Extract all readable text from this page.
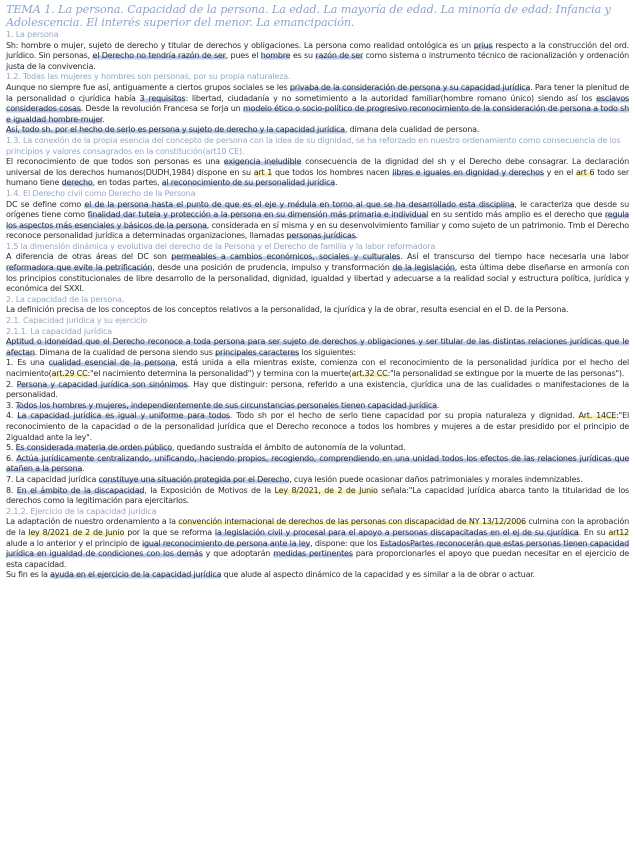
TEMA 1. La persona. Capacidad de la persona. La edad. La mayoría de edad. La minoría de edad: Infancia y Adolescencia. El interés superior del menor. La emancipación.
1. La persona
Sh: hombre o mujer, sujeto de derecho y titular de derechos y obligaciones. La persona como realidad ontológica es un prius respecto a la construcción del ord. jurídico. Sin personas, el Derecho no tendría razón de ser, pues el hombre es su razón de ser como sistema o instrumento técnico de racionalización y ordenación justa de la convivencia.
1.2. Todas las mujeres y hombres son personas, por su propia naturaleza.
Aunque no siempre fue así, antiguamente a ciertos grupos sociales se les privaba de la consideración de persona y su capacidad jurídica. Para tener la plenitud de la personalidad o cjurídica había 3 requisitos: libertad, ciudadanía y no sometimiento a la autoridad familiar(hombre romano único) siendo así los esclavos considerados cosas. Desde la revolución Francesa se forja un modelo ético o socio-político de progresivo reconocimiento de la consideración de persona a todo sh e igualdad hombre-mujer.
Así, todo sh. por el hecho de serlo es persona y sujeto de derecho y la capacidad jurídica, dimana dela cualidad de persona.
1.3. La conexión de la propia esencia del concepto de persona con la idea de su dignidad, se ha reforzado en nuestro ordenamiento como consecuencia de los principios y valores consagrados en la constitución(art10 CE).
El reconocimiento de que todos son personas es una exigencia ineludible consecuencia de la dignidad del sh y el Derecho debe consagrar. La declaración universal de los derechos humanos(DUDH,1984) dispone en su art 1 que todos los hombres nacen libres e iguales en dignidad y derechos y en el art 6 todo ser humano tiene derecho, en todas partes, al reconocimiento de su personalidad jurídica.
1.4. El Derecho civil como Derecho de la Persona
DC se define como el de la persona hasta el punto de que es el eje y médula en torno al que se ha desarrollado esta disciplina, le caracteriza que desde su orígenes tiene como finalidad dar tutela y protección a la persona en su dimensión más primaria e individual en su sentido más amplio es el derecho que regula los aspectos más esenciales y básicos de la persona, considerada en sí misma y en su desenvolvimiento familiar y como sujeto de un patrimonio. Tmb el Derecho reconoce personalidad jurídica a determinadas organizaciones, llamadas personas jurídicas.
1.5 la dimensión dinámica y evolutiva del derecho de la Persona y el Derecho de familia y la labor reformadora
A diferencia de otras áreas del DC son permeables a cambios económicos, sociales y culturales. Así el transcurso del tiempo hace necesaria una labor reformadora que evite la petrificación, desde una posición de prudencia, impulso y transformación de la legislación, esta última debe diseñarse en armonía con los principios constitucionales de libre desarrollo de la personalidad, dignidad, igualdad y libertad y adecuarse a la realidad social y estructura política, jurídica y económica del SXXI.
2. La capacidad de la persona.
La definición precisa de los conceptos de los conceptos relativos a la personalidad, la cjurídica y la de obrar, resulta esencial en el D. de la Persona.
2.1. Capacidad jurídica y su ejercicio
2.1.1. La capacidad jurídica
Aptitud o idoneidad que el Derecho reconoce a toda persona para ser sujeto de derechos y obligaciones y ser titular de las distintas relaciones jurídicas que le afectan. Dimana de la cualidad de persona siendo sus principales caracteres los siguientes:
1. Es una cualidad esencial de la persona, está unida a ella mientras existe, comienza con el reconocimiento de la personalidad jurídica por el hecho del nacimiento(art.29 CC:"el nacimiento determina la personalidad") y termina con la muerte(art.32 CC:"la personalidad se extingue por la muerte de las personas").
2. Persona y capacidad jurídica son sinónimos. Hay que distinguir: persona, referido a una existencia, cjurídica una de las cualidades o manifestaciones de la personalidad.
3. Todos los hombres y mujeres, independientemente de sus circunstancias personales tienen capacidad jurídica.
4. La capacidad jurídica es igual y uniforme para todos. Todo sh por el hecho de serlo tiene capacidad por su propia naturaleza y dignidad. Art. 14CE:"El reconocimiento de la capacidad o de la personalidad jurídica que el Derecho reconoce a todos los hombres y mujeres a de estar presidido por el principio de 2igualdad ante la ley".
5. Es considerada materia de orden público, quedando sustraída el ámbito de autonomía de la voluntad.
6. Actúa jurídicamente centralizando, unificando, haciendo propios, recogiendo, comprendiendo en una unidad todos los efectos de las relaciones jurídicas que atañen a la persona.
7. La capacidad jurídica constituye una situación protegida por el Derecho, cuya lesión puede ocasionar daños patrimoniales y morales indemnizables.
8. En el ámbito de la discapacidad, la Exposición de Motivos de la Ley 8/2021, de 2 de Junio señala:"La capacidad jurídica abarca tanto la titularidad de los derechos como la legitimación para ejercitarlos.
2.1.2. Ejercicio de la capacidad jurídica
La adaptación de nuestro ordenamiento a la convención internacional de derechos de las personas con discapacidad de NY 13/12/2006 culmina con la aprobación de la ley 8/2021 de 2 de Junio por la que se reforma la legislación civil y procesal para el apoyo a personas discapacitadas en el ej de su cjurídica. En su art12 alude a lo anterior y el principio de igual reconocimiento de persona ante la ley, dispone: que los EstadosPartes reconocerán que estas personas tienen capacidad jurídica en igualdad de condiciones con los demás y que adoptarán medidas pertinentes para proporcionarles el apoyo que puedan necesitar en el ejercicio de esta capacidad.
Su fin es la ayuda en el ejercicio de la capacidad jurídica que alude al aspecto dinámico de la capacidad y es similar a la de obrar o actuar.
